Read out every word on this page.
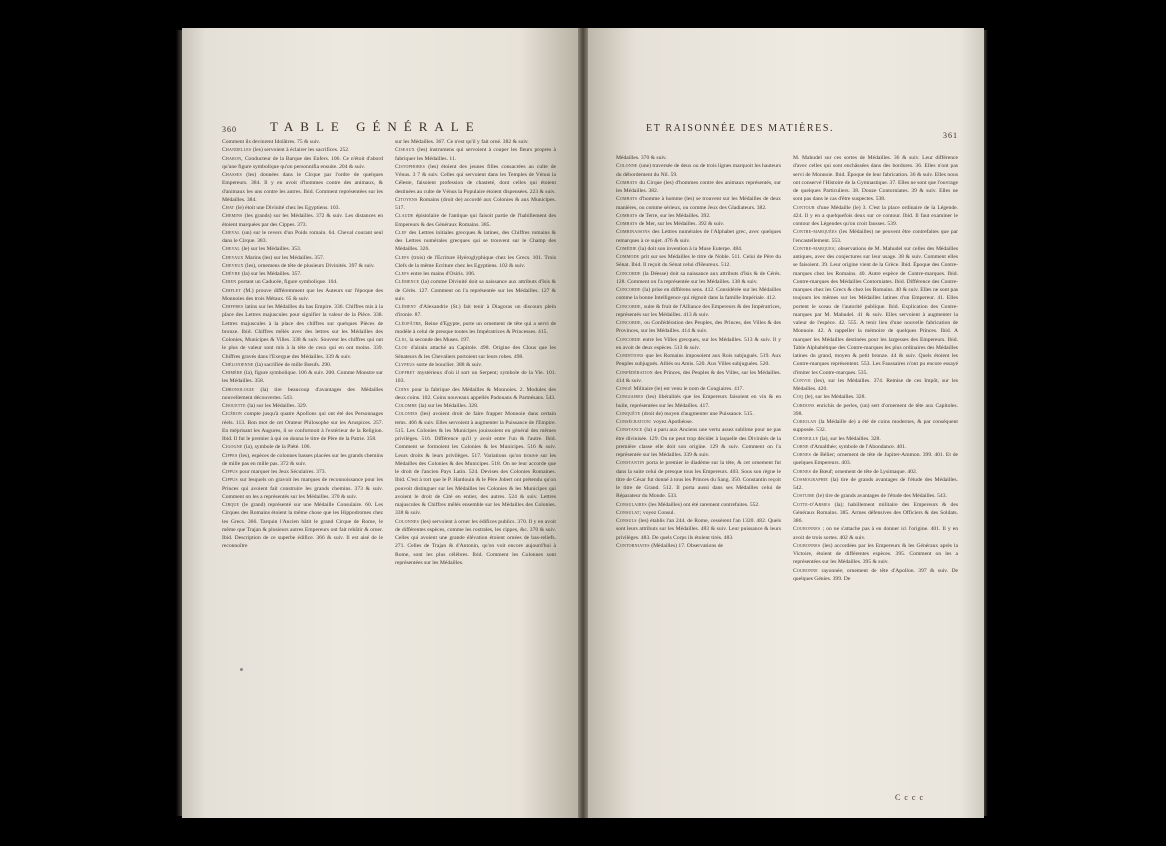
360	TABLE GÉNÉRALE

Comment ils devinrent Idolâtres. 75 & suiv.

Chandelles (les) servoient à éclairer les sacrifices. 252.

Charon, Conducteur de la Barque des Enfers. 106. Ce n'étoit d'abord qu'une figure symbolique qu'on personnifia ensuite. 204 & suiv.

Chasses (les) données dans le Cirque par l'ordre de quelques Empereurs. 384. Il y en avoit d'hommes contre des animaux, & d'animaux les uns contre les autres. Ibid. Comment représentées sur les Médailles. 384.

Chat (le) étoit une Divinité chez les Egyptiens. 103.

Chemins (les grands) sur les Médailles. 372 & suiv. Les distances en étoient marquées par des Cippes. 373.

Cheval (un) sur le revers d'un Poids romain. 64. Cheval courant seul dans le Cirque. 383.

Cheval (le) sur les Médailles. 353.

Chevaux Marins (les) sur les Médailles. 357.

Cheveux (les), ornemens de tête de plusieurs Divinités. 397 & suiv.

Chèvre (la) sur les Médailles. 357.

Chien portant un Caducée, figure symbolique. 104.

Chiflet (M.) prouve différemment que les Auteurs sur l'époque des Monnoies des trois Métaux. 65 & suiv.

Chiffres latins sur les Médailles du bas Empire. 336. Chiffres mis à la place des Lettres majuscules pour signifier la valeur de la Pièce. 338. Lettres majuscules à la place des chiffres sur quelques Pièces de bronze. Ibid. Chiffres mêlés avec des lettres sur les Médailles des Colonies, Municipes & Villes. 338 & suiv. Souvent les chiffres qui ont le plus de valeur sont mis à la tête de ceux qui en ont moins. 339. Chiffres gravés dans l'Exergue des Médailles. 339 & suiv.

Chélonienne (la) sacrifiée de mille Bœufs. 290.

Chimère (la), figure symbolique. 106 & suiv. 200. Comme Monstre sur les Médailles. 358.

Chronologie (la) tire beaucoup d'avantages des Médailles nouvellement découvertes. 543.

Chouette (la) sur les Médailles. 329.

Cicéron compte jusqu'à quatre Apollons qui ont été des Personnages réels. 113. Bon mot de cet Orateur Philosophe sur les Aruspices. 257. En méprisant les Augures, il se conformoit à l'extérieur de la Religion. Ibid. Il fut le premier à qui on donna le titre de Père de la Patrie. 358.

Cigogne (la), symbole de la Piété. 106.

Cippes (les), espèces de colonnes basses placées sur les grands chemins de mille pas en mille pas. 372 & suiv.

Cippus pour marquer les Jeux Séculaires. 373.

Cippus sur lesquels on gravoit les marques de reconnoissance pour les Princes qui avoient fait construire les grands chemins. 373 & suiv. Comment on les a représentés sur les Médailles. 370 & suiv.

Cirque (le grand) représenté sur une Médaille Consulaire. 60. Les Cirques des Romains étoient la même chose que les Hippodromes chez les Grecs. 366. Tarquin l'Ancien bâtit le grand Cirque de Rome, le même que Trajan & plusieurs autres Empereurs ont fait rebâtir & orner. Ibid. Description de ce superbe édifice. 366 & suiv. Il est aisé de le reconnoître

sur les Médailles. 367. Ce n'est qu'il y fait orné. 382 & suiv.

Ciseaux (les) instrumens qui servoient à couper les fleurs propres à fabriquer les Médailles. 11.

Cistophores (les) étoient des jeunes filles consacrées au culte de Vénus. 3 7 & suiv. Celles qui servoient dans les Temples de Vénus la Céleste, faisoient profession de chasteté, dont celles qui étoient destinées au culte de Vénus la Populaire étoient dispensées. 223 & suiv.

Citoyens Romains (droit de) accordé aux Colonies & aux Municipes. 517.

Claude épistolaire de l'antique qui faisoit partie de l'habillement des Empereurs & des Généraux Romains. 385.

Clef des Lettres initiales grecques & latines, des Chiffres romains & des Lettres numérales grecques qui se trouvent sur le Champ des Médailles. 326.

Clefs (trois) de l'Ecriture Hyéroglyphique chez les Grecs. 101. Trois Clefs de la même Ecriture chez les Egyptiens. 102 & suiv.

Clefs entre les mains d'Osiris. 106.

Clémence (la) comme Divinité doit sa naissance aux attributs d'Isis & de Cérès. 127. Comment on l'a représentée sur les Médailles. 127 & suiv.

Clément d'Alexandrie (St.) fait tenir à Diagoras un discours plein d'ironie. 87.

Cléopâtre, Reine d'Egypte, porte un ornement de tête qui a servi de modèle à celui de presque toutes les Impératrices & Princesses. 415.

Clio, la seconde des Muses. 197.

Clou d'airain attaché au Capitole. 498. Origine des Clous que les Sénateurs & les Chevaliers portoient sur leurs robes. 498.

Clypeus sorte de bouclier. 388 & suiv.

Coffret mystérieux d'où il sort un Serpent; symbole de la Vie. 101. 103.

Coins pour la fabrique des Médailles & Monnoies. 2. Modules des deux coins. 102. Coins nouveaux appellés Padouans & Parmésans. 543.

Colombe (la) sur les Médailles. 328.

Colonies (les) avoient droit de faire frapper Monnoie dans certain tems. 466 & suiv. Elles servoient à augmenter la Puissance de l'Empire. 515. Les Colonies & les Municipes jouissoient en général des mêmes privilèges. 516. Différence qu'il y avoit entre l'un & l'autre. Ibid. Comment se formoient les Colonies & les Municipes. 516 & suiv. Leurs droits & leurs privilèges. 517. Variations qu'on trouve sur les Médailles des Colonies & des Municipes. 518. On ne leur accorde que le droit de l'ancien Pays Latin. 524. Devises des Colonies Romaines. Ibid. C'est à tort que le P. Hardouin & le Père Jobert ont prétendu qu'on pouvoit distinguer sur les Médailles les Colonies & les Municipes qui avoient le droit de Cité en entier, des autres. 524 & suiv. Lettres majuscules & Chiffres mêlés ensemble sur les Médailles des Colonies. 338 & suiv.

Colonnes (les) servoient à orner les édifices publics. 370. Il y en avoit de différentes espèces, comme les rostrales, les cippes, &c. 370 & suiv. Celles qui avoient une grande élévation étoient ornées de bas-reliefs. 271. Celles de Trajan & d'Antonin, qu'on voit encore aujourd'hui à Rome, sont les plus célèbres. Ibid. Comment les Colonnes sont représentées sur les Médailles.

ET RAISONNÉE DES MATIÈRES.
361

Médailles. 370 & suiv.

Colonne (une) traversée de deux ou de trois lignes marquoit les hauteurs du débordement du Nil. 59.

Combats du Cirque (les) d'hommes contre des animaux représentés, sur les Médailles. 382.

Combats d'homme à homme (les) se trouvent sur les Médailles de deux manières, ou comme sérieux, ou comme Jeux des Gladiateurs. 382.

Combats de Terre, sur les Médailles. 392.

Combats de Mer, sur les Médailles. 392 & suiv.

Combinaisons des Lettres numérales de l'Alphabet grec, avec quelques remarques à ce sujet. 476 & suiv.

Comédie (la) doit son invention à la Muse Euterpe. 484.

Commode prit sur ses Médailles le titre de Noble. 511. Celui de Père du Sénat. Ibid. Il reçoit du Sénat celui d'Heureux. 512.

Concorde (la Déesse) doit sa naissance aux attributs d'Isis & de Cérès. 128. Comment on l'a représentée sur les Médailles. 138 & suiv.

Concorde (la) prise en différens sens. 412. Considérée sur les Médailles comme la bonne Intelligence qui régnoit dans la famille Impériale. 412.

Concorde, suite & fruit de l'Alliance des Empereurs & des Impératrices, représentés sur les Médailles. 413 & suiv.

Concorde, ou Confédération des Peuples, des Princes, des Villes & des Provinces, sur les Médailles. 414 & suiv.

Concorde entre les Villes grecques, sur les Médailles. 513 & suiv. Il y en avoit de deux espèces. 513 & suiv.

Conditions que les Romains imposoient aux Rois subjugués. 519. Aux Peuples subjugués. Alliés ou Amis. 520. Aux Villes subjuguées. 520.

Confédération des Princes, des Peuples & des Villes, sur les Médailles. 414 & suiv.

Congé Militaire (le) est venu le nom de Congiaires. 417.

Congiaires (les) libéralités que les Empereurs faisoient en vin & en huile, représentées sur les Médailles. 417.

Conquête (droit de) moyen d'augmenter une Puissance. 515.

Consécration: voyez Apothéose.

Constance (la) a paru aux Anciens une vertu assez sublime pour ne pas être divinisée. 129. On ne peut trop décider à laquelle des Divinités de la première classe elle doit son origine. 129 & suiv. Comment on l'a représentée sur les Médailles. 339 & suiv.

Constantin porta le premier le diadème sur la tête, & cet ornement fut dans la suite celui de presque tous les Empereurs. 403. Sous son règne le titre de César fut donné à tous les Princes du Sang. 350. Constantin reçoit le titre de Grand. 512. Il porta aussi dans ses Médailles celui de Réparateur du Monde. 533.

Consulaires (les Médailles) ont été rarement contrefaites. 552.

Consulat; voyez Consul.

Consuls (les) établis l'an 244. de Rome, cessèrent l'an 1320. 482. Quels sont leurs attributs sur les Médailles. 483 & suiv. Leur puissance & leurs privilèges. 483. De quels Corps ils étoient tirés. 483.

Contorniates (Médailles) 17. Observations de

M. Mahudel sur ces sortes de Médailles. 36 & suiv. Leur différence d'avec celles qui sont enchâssées dans des bordures. 36. Elles n'ont pas servi de Monnoie. Ibid. Époque de leur fabrication. 36 & suiv. Elles nous ont conservé l'Histoire de la Gymnastique. 37. Elles ne sont que l'ouvrage de quelques Particuliers. 38. Douze Contorniates. 39 & suiv. Elles ne sont pas dans le cas d'être suspectes. 538.

Contour d'une Médaille (le) 3. C'est la place ordinaire de la Légende. 424. Il y en a quelquefois deux sur ce contour. Ibid. Il faut examiner le contour des Légendes qu'on croit fausses. 539.

Contre-marquées (les Médailles) ne peuvent être contrefaites que par l'encastellement. 553.

Contre-marques; observations de M. Mahudel sur celles des Médailles antiques, avec des conjectures sur leur usage. 38 & suiv. Comment elles se faisoient. 39. Leur origine vient de la Grèce. Ibid. Époque des Contre-marques chez les Romains. 40. Autre espèce de Contre-marques. Ibid. Contre-marques des Médailles Contorniates. Ibid. Différence des Contre-marques chez les Grecs & chez les Romains. 40 & suiv. Elles ne sont pas toujours les mêmes sur les Médailles latines d'un Empereur. 41. Elles portent le sceau de l'autorité publique. Ibid. Explication des Contre-marques par M. Mahudel. 41 & suiv. Elles servoient à augmenter la valeur de l'espèce. 42. 555. A tenir lieu d'une nouvelle fabrication de Monnoie. 42. A rappeller la mémoire de quelques Princes. Ibid. A marquer les Médailles destinées pour les largesses des Empereurs. Ibid. Table Alphabétique des Contre-marques les plus ordinaires des Médailles latines du grand, moyen & petit bronze. 44 & suiv. Quels étoient les Contre-marques représentent. 553. Les Faussaires n'ont pu encore essayé d'imiter les Contre-marques. 535.

Convoi (les), sur les Médailles. 374. Remise de ces Impôt, sur les Médailles. 420.

Coq (le), sur les Médailles. 328.

Cordons enrichis de perles, (un) sert d'ornement de tête aux Capitoles. 398.

Coriolan (la Médaille de) a été de coins modernes, & par conséquent supposée. 532.

Corneille (la), sur les Médailles. 328.

Corne d'Amalthée; symbole de l'Abondance. 401.

Cornes de Bélier; ornement de tête de Jupiter-Ammon. 399. 401. Et de quelques Empereurs. 403.

Cornes de Bœuf; ornement de tête de Lysimaque. 402.

Cosmographie (la) tire de grands avantages de l'étude des Médailles. 542.

Costume (le) tire de grands avantages de l'étude des Médailles. 543.

Cotte-d'Armes (la); habillement militaire des Empereurs & des Généraux Romains. 385. Armes défensives des Officiers & des Soldats. 386.

Couronnes ; on ne s'attache pas à en donner ici l'origine. 401. Il y en avoit de trois sortes. 402 & suiv.

Couronnes (les) accordées par les Empereurs & les Généraux après la Victoire, étoient de différentes espèces. 395. Comment on les a représentées sur les Médailles. 395 & suiv.

Couronne rayonnée; ornement de tête d'Apollon. 397 & suiv. De quelques Génies. 399. De

C c c c
